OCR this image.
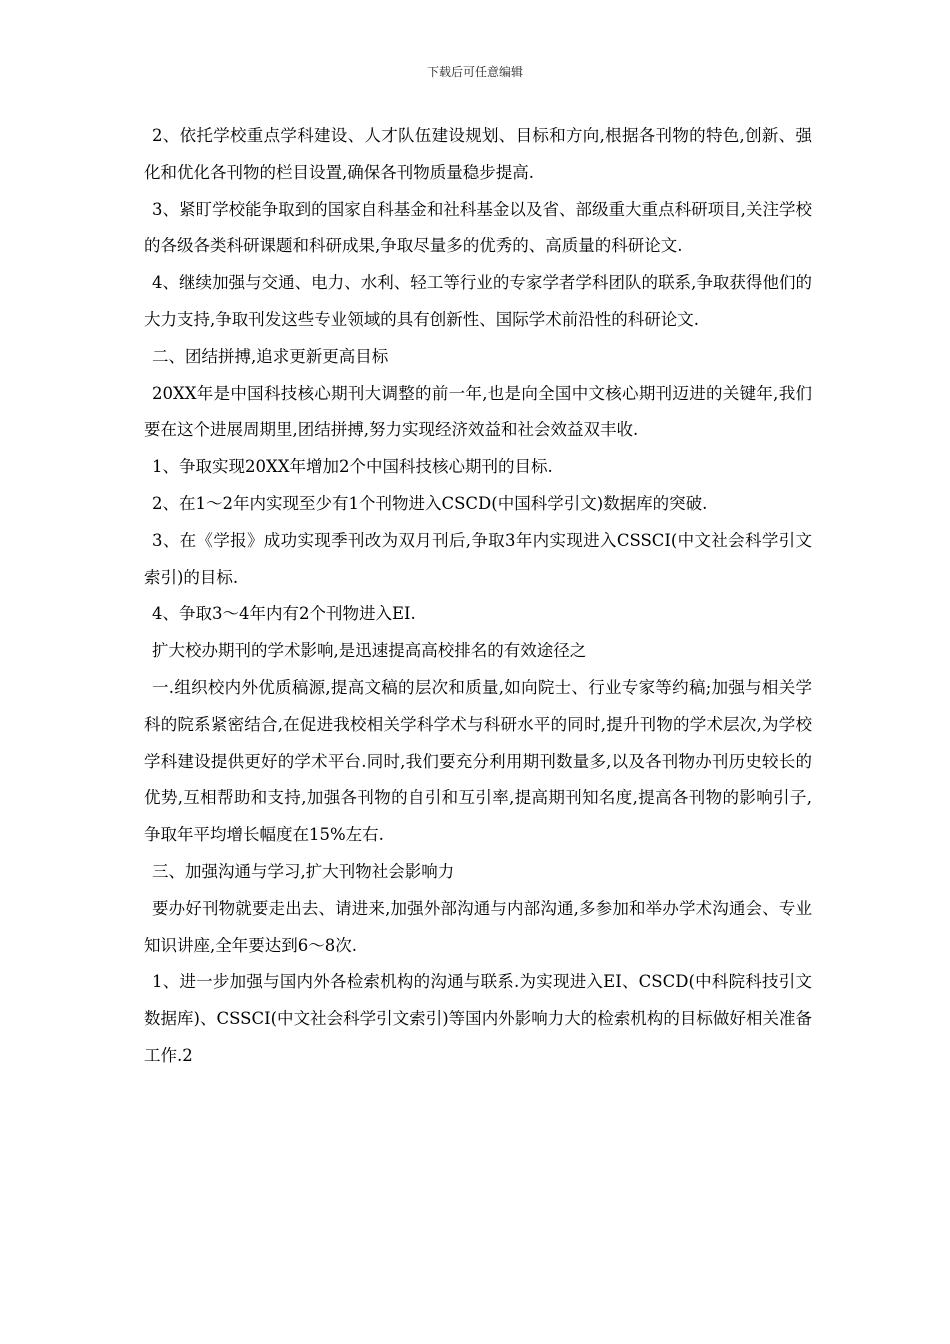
下载后可任意编辑

2、依托学校重点学科建设、人才队伍建设规划、目标和方向,根据各刊物的特色,创新、强化和优化各刊物的栏目设置,确保各刊物质量稳步提高.

3、紧盯学校能争取到的国家自科基金和社科基金以及省、部级重大重点科研项目,关注学校的各级各类科研课题和科研成果,争取尽量多的优秀的、高质量的科研论文.

4、继续加强与交通、电力、水利、轻工等行业的专家学者学科团队的联系,争取获得他们的大力支持,争取刊发这些专业领域的具有创新性、国际学术前沿性的科研论文.

二、团结拼搏,追求更新更高目标

20XX年是中国科技核心期刊大调整的前一年,也是向全国中文核心期刊迈进的关键年,我们要在这个进展周期里,团结拼搏,努力实现经济效益和社会效益双丰收.

1、争取实现20XX年增加2个中国科技核心期刊的目标.

2、在1～2年内实现至少有1个刊物进入CSCD(中国科学引文)数据库的突破.

3、在《学报》成功实现季刊改为双月刊后,争取3年内实现进入CSSCI(中文社会科学引文索引)的目标.

4、争取3～4年内有2个刊物进入EI.

扩大校办期刊的学术影响,是迅速提高高校排名的有效途径之

一.组织校内外优质稿源,提高文稿的层次和质量,如向院士、行业专家等约稿;加强与相关学科的院系紧密结合,在促进我校相关学科学术与科研水平的同时,提升刊物的学术层次,为学校学科建设提供更好的学术平台.同时,我们要充分利用期刊数量多,以及各刊物办刊历史较长的优势,互相帮助和支持,加强各刊物的自引和互引率,提高期刊知名度,提高各刊物的影响引子,争取年平均增长幅度在15%左右.

三、加强沟通与学习,扩大刊物社会影响力

要办好刊物就要走出去、请进来,加强外部沟通与内部沟通,多参加和举办学术沟通会、专业知识讲座,全年要达到6～8次.

1、进一步加强与国内外各检索机构的沟通与联系.为实现进入EI、CSCD(中科院科技引文数据库)、CSSCI(中文社会科学引文索引)等国内外影响力大的检索机构的目标做好相关准备工作.2
